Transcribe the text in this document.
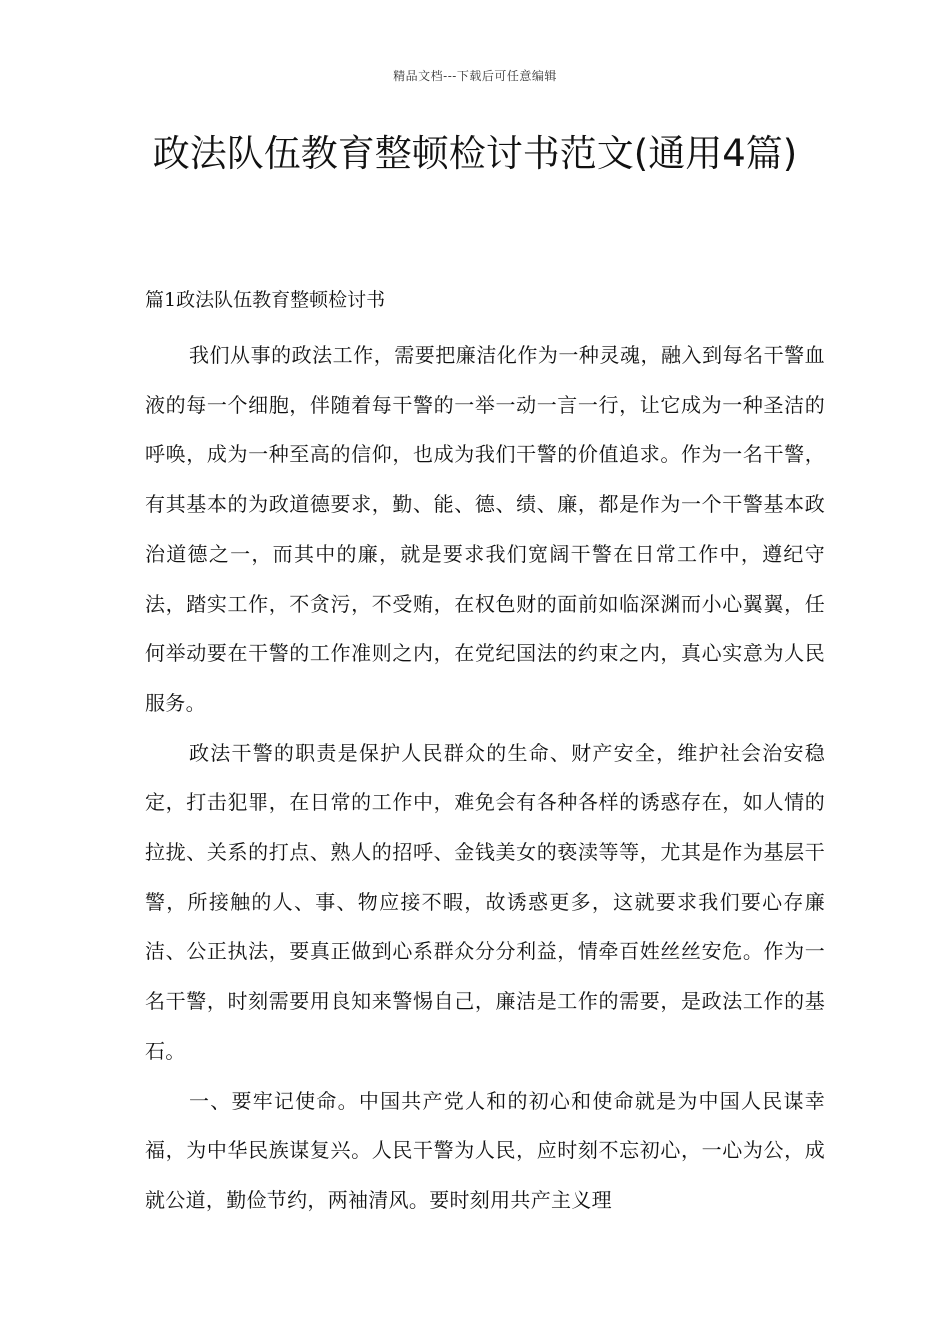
精品文档---下载后可任意编辑
政法队伍教育整顿检讨书范文(通用4篇)
篇1政法队伍教育整顿检讨书

我们从事的政法工作，需要把廉洁化作为一种灵魂，融入到每名干警血液的每一个细胞，伴随着每干警的一举一动一言一行，让它成为一种圣洁的呼唤，成为一种至高的信仰，也成为我们干警的价值追求。作为一名干警，有其基本的为政道德要求，勤、能、德、绩、廉，都是作为一个干警基本政治道德之一，而其中的廉，就是要求我们宽阔干警在日常工作中，遵纪守法，踏实工作，不贪污，不受贿，在权色财的面前如临深渊而小心翼翼，任何举动要在干警的工作准则之内，在党纪国法的约束之内，真心实意为人民服务。

政法干警的职责是保护人民群众的生命、财产安全，维护社会治安稳定，打击犯罪，在日常的工作中，难免会有各种各样的诱惑存在，如人情的拉拢、关系的打点、熟人的招呼、金钱美女的亵渎等等，尤其是作为基层干警，所接触的人、事、物应接不暇，故诱惑更多，这就要求我们要心存廉洁、公正执法，要真正做到心系群众分分利益，情牵百姓丝丝安危。作为一名干警，时刻需要用良知来警惕自己，廉洁是工作的需要，是政法工作的基石。

一、要牢记使命。中国共产党人和的初心和使命就是为中国人民谋幸福，为中华民族谋复兴。人民干警为人民，应时刻不忘初心，一心为公，成就公道，勤俭节约，两袖清风。要时刻用共产主义理
